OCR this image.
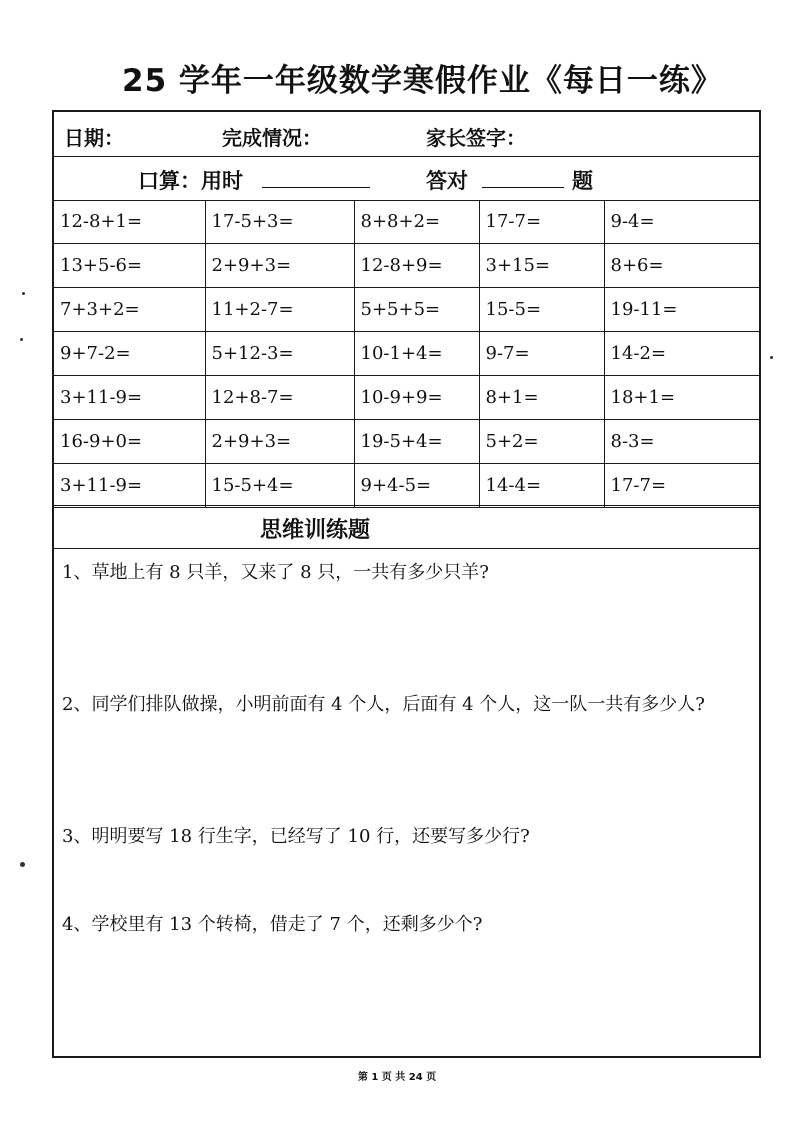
25 学年一年级数学寒假作业《每日一练》
日期：	完成情况：	家长签字：
口算：用时	答对	题
12-8+1=	17-5+3=	8+8+2=	17-7=	9-4=
13+5-6=	2+9+3=	12-8+9=	3+15=	8+6=
7+3+2=	11+2-7=	5+5+5=	15-5=	19-11=
9+7-2=	5+12-3=	10-1+4=	9-7=	14-2=
3+11-9=	12+8-7=	10-9+9=	8+1=	18+1=
16-9+0=	2+9+3=	19-5+4=	5+2=	8-3=
3+11-9=	15-5+4=	9+4-5=	14-4=	17-7=
思维训练题
1、草地上有 8 只羊，又来了 8 只，一共有多少只羊?
2、同学们排队做操，小明前面有 4 个人，后面有 4 个人，这一队一共有多少人?
3、明明要写 18 行生字，已经写了 10 行，还要写多少行?
4、学校里有 13 个转椅，借走了 7 个，还剩多少个?
第 1 页 共 24 页
